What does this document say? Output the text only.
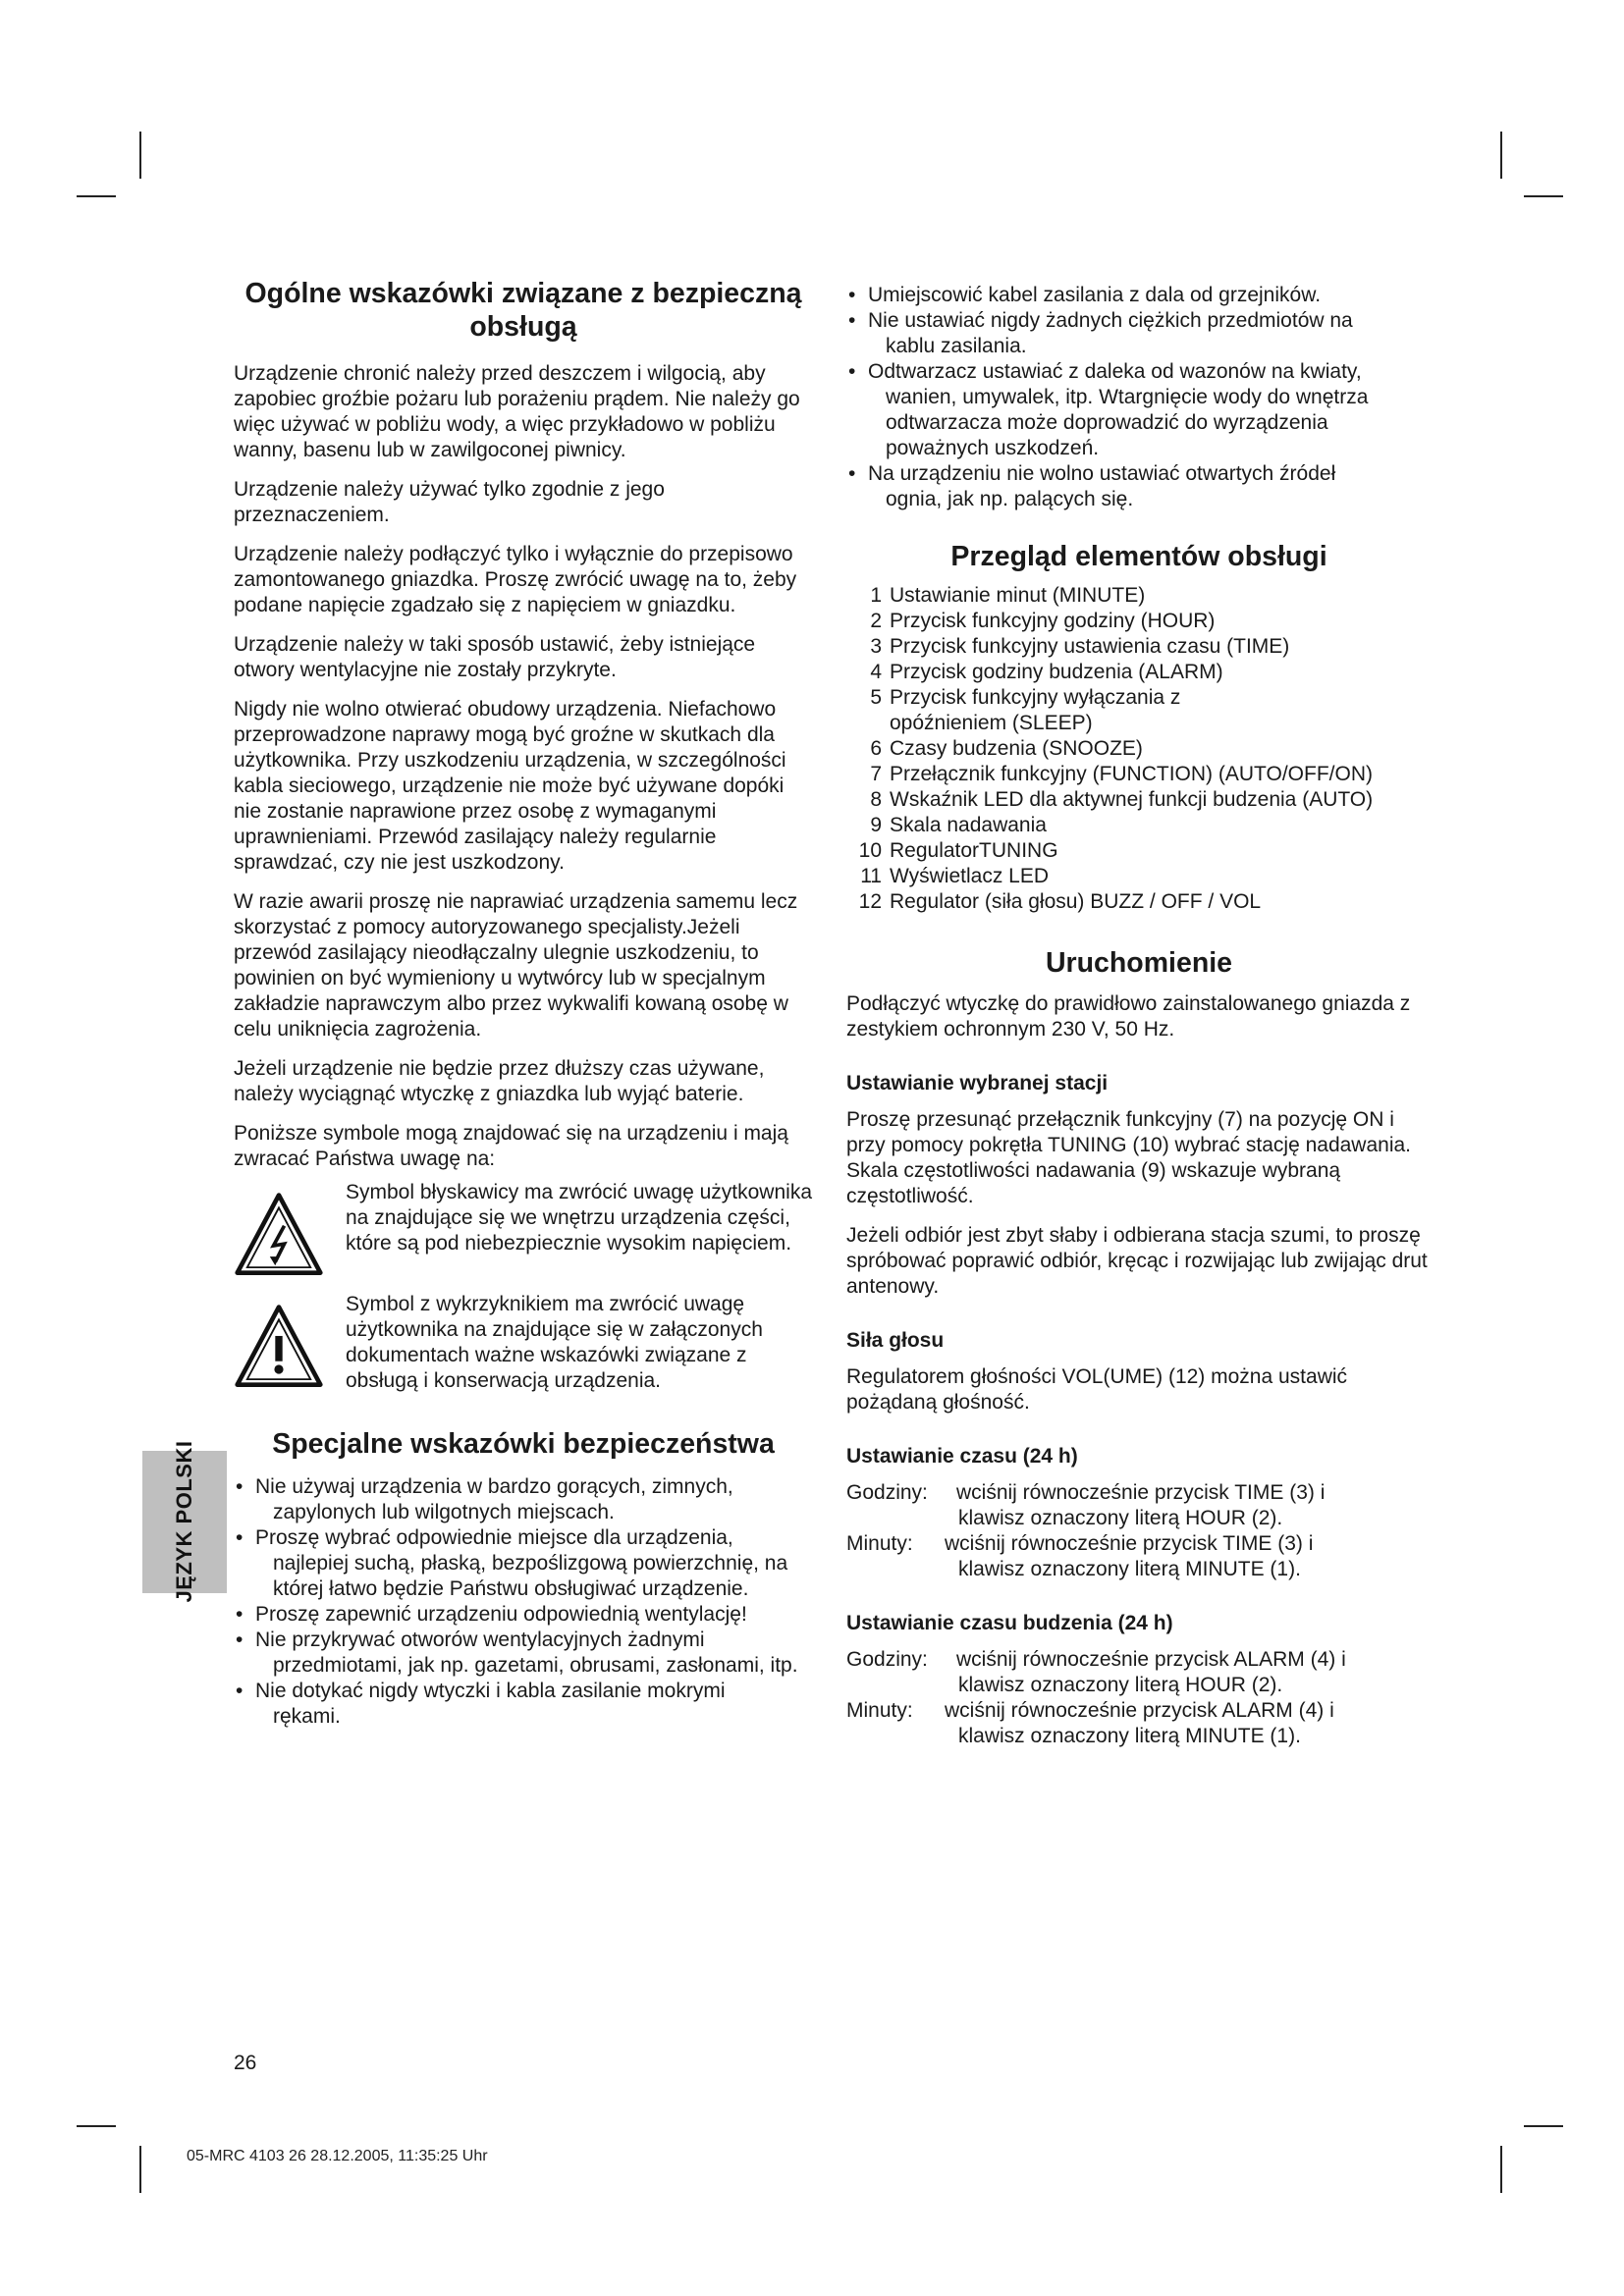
JĘZYK POLSKI
Ogólne wskazówki związane z bezpieczną obsługą

Urządzenie chronić należy przed deszczem i wilgocią, aby zapobiec groźbie pożaru lub porażeniu prądem. Nie należy go więc używać w pobliżu wody, a więc przykładowo w pobliżu wanny, basenu lub w zawilgoconej piwnicy.

Urządzenie należy używać tylko zgodnie z jego przeznaczeniem.

Urządzenie należy podłączyć tylko i wyłącznie do przepisowo zamontowanego gniazdka. Proszę zwrócić uwagę na to, żeby podane napięcie zgadzało się z napięciem w gniazdku.

Urządzenie należy w taki sposób ustawić, żeby istniejące otwory wentylacyjne nie zostały przykryte.

Nigdy nie wolno otwierać obudowy urządzenia. Niefachowo przeprowadzone naprawy mogą być groźne w skutkach dla użytkownika. Przy uszkodzeniu urządzenia, w szczególności kabla sieciowego, urządzenie nie może być używane dopóki nie zostanie naprawione przez osobę z wymaganymi uprawnieniami. Przewód zasilający należy regularnie sprawdzać, czy nie jest uszkodzony.

W razie awarii proszę nie naprawiać urządzenia samemu lecz skorzystać z pomocy autoryzowanego specjalisty.Jeżeli przewód zasilający nieodłączalny ulegnie uszkodzeniu, to powinien on być wymieniony u wytwórcy lub w specjalnym zakładzie naprawczym albo przez wykwalifi kowaną osobę w celu uniknięcia zagrożenia.

Jeżeli urządzenie nie będzie przez dłuższy czas używane, należy wyciągnąć wtyczkę z gniazdka lub wyjąć baterie.

Poniższe symbole mogą znajdować się na urządzeniu i mają zwracać Państwa uwagę na:

Symbol błyskawicy ma zwrócić uwagę użytkownika na znajdujące się we wnętrzu urządzenia części, które są pod niebezpiecznie wysokim napięciem.

Symbol z wykrzyknikiem ma zwrócić uwagę użytkownika na znajdujące się w załączonych dokumentach ważne wskazówki związane z obsługą i konserwacją urządzenia.

Specjalne wskazówki bezpieczeństwa
• Nie używaj urządzenia w bardzo gorących, zimnych,
zapylonych lub wilgotnych miejscach.
• Proszę wybrać odpowiednie miejsce dla urządzenia,
najlepiej suchą, płaską, bezpoślizgową powierzchnię, na której łatwo będzie Państwu obsługiwać urządzenie.
• Proszę zapewnić urządzeniu odpowiednią wentylację!
• Nie przykrywać otworów wentylacyjnych żadnymi
przedmiotami, jak np. gazetami, obrusami, zasłonami, itp.
• Nie dotykać nigdy wtyczki i kabla zasilanie mokrymi
rękami.
• Umiejscowić kabel zasilania z dala od grzejników.
• Nie ustawiać nigdy żadnych ciężkich przedmiotów na
kablu zasilania.
• Odtwarzacz ustawiać z daleka od wazonów na kwiaty,
wanien, umywalek, itp. Wtargnięcie wody do wnętrza odtwarzacza może doprowadzić do wyrządzenia poważnych uszkodzeń.
• Na urządzeniu nie wolno ustawiać otwartych źródeł
ognia, jak np. palących się.
Przegląd elementów obsługi
1 Ustawianie minut (MINUTE)
2 Przycisk funkcyjny godziny (HOUR)
3 Przycisk funkcyjny ustawienia czasu (TIME)
4 Przycisk godziny budzenia (ALARM)
5 Przycisk funkcyjny wyłączania z opóźnieniem (SLEEP)
6 Czasy budzenia (SNOOZE)
7 Przełącznik funkcyjny (FUNCTION) (AUTO/OFF/ON)
8 Wskaźnik LED dla aktywnej funkcji budzenia (AUTO)
9 Skala nadawania
10 RegulatorTUNING
11 Wyświetlacz LED
12 Regulator (siła głosu) BUZZ / OFF / VOL
Uruchomienie

Podłączyć wtyczkę do prawidłowo zainstalowanego gniazda z zestykiem ochronnym 230 V, 50 Hz.

Ustawianie wybranej stacji

Proszę przesunąć przełącznik funkcyjny (7) na pozycję ON i przy pomocy pokrętła TUNING (10) wybrać stację nadawania. Skala częstotliwości nadawania (9) wskazuje wybraną częstotliwość.

Jeżeli odbiór jest zbyt słaby i odbierana stacja szumi, to proszę spróbować poprawić odbiór, kręcąc i rozwijając lub zwijając drut antenowy.

Siła głosu

Regulatorem głośności VOL(UME) (12) można ustawić pożądaną głośność.

Ustawianie czasu (24 h)
Godziny: wciśnij równocześnie przycisk TIME (3) i
klawisz oznaczony literą HOUR (2).
Minuty: wciśnij równocześnie przycisk TIME (3) i
klawisz oznaczony literą MINUTE (1).
Ustawianie czasu budzenia (24 h)
Godziny: wciśnij równocześnie przycisk ALARM (4) i
klawisz oznaczony literą HOUR (2).
Minuty: wciśnij równocześnie przycisk ALARM (4) i
klawisz oznaczony literą MINUTE (1).
26
05-MRC 4103 26 28.12.2005, 11:35:25 Uhr
